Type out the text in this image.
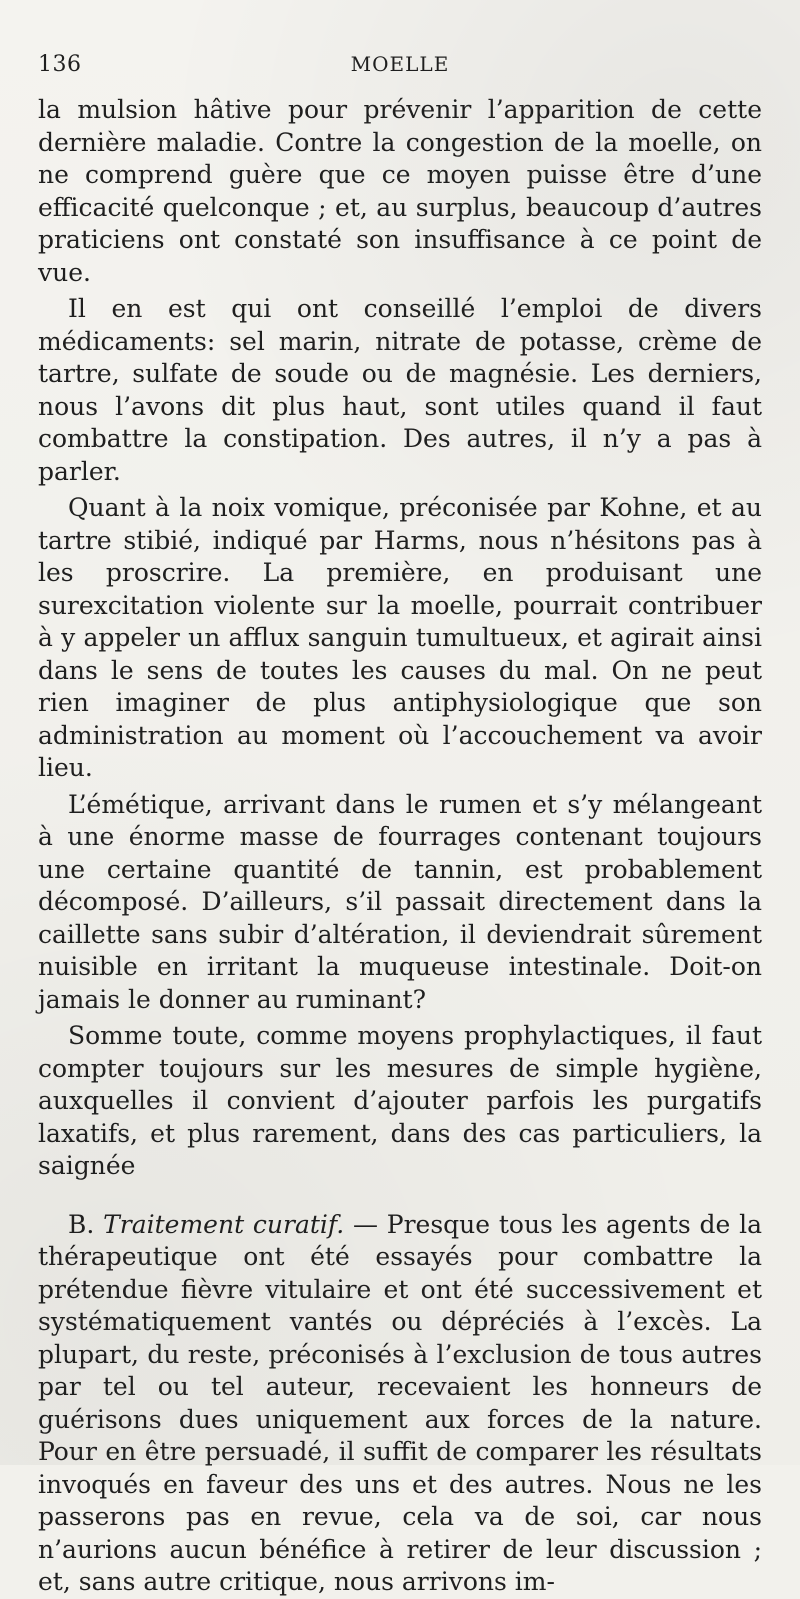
136	MOELLE

la mulsion hâtive pour prévenir l’apparition de cette dernière maladie. Contre la congestion de la moelle, on ne comprend guère que ce moyen puisse être d’une efficacité quelconque ; et, au surplus, beaucoup d’autres praticiens ont constaté son insuffisance à ce point de vue.

Il en est qui ont conseillé l’emploi de divers médicaments: sel marin, nitrate de potasse, crème de tartre, sulfate de soude ou de magnésie. Les derniers, nous l’avons dit plus haut, sont utiles quand il faut combattre la constipation. Des autres, il n’y a pas à parler.

Quant à la noix vomique, préconisée par Kohne, et au tartre stibié, indiqué par Harms, nous n’hésitons pas à les proscrire. La première, en produisant une surexcitation violente sur la moelle, pourrait contribuer à y appeler un afflux sanguin tumultueux, et agirait ainsi dans le sens de toutes les causes du mal. On ne peut rien imaginer de plus antiphysiologique que son administration au moment où l’accouchement va avoir lieu.

L’émétique, arrivant dans le rumen et s’y mélangeant à une énorme masse de fourrages contenant toujours une certaine quantité de tannin, est probablement décomposé. D’ailleurs, s’il passait directement dans la caillette sans subir d’altération, il deviendrait sûrement nuisible en irritant la muqueuse intestinale. Doit-on jamais le donner au ruminant?

Somme toute, comme moyens prophylactiques, il faut compter toujours sur les mesures de simple hygiène, auxquelles il convient d’ajouter parfois les purgatifs laxatifs, et plus rarement, dans des cas particuliers, la saignée

B. Traitement curatif. — Presque tous les agents de la thérapeutique ont été essayés pour combattre la prétendue fièvre vitulaire et ont été successivement et systématiquement vantés ou dépréciés à l’excès. La plupart, du reste, préconisés à l’exclusion de tous autres par tel ou tel auteur, recevaient les honneurs de guérisons dues uniquement aux forces de la nature. Pour en être persuadé, il suffit de comparer les résultats invoqués en faveur des uns et des autres. Nous ne les passerons pas en revue, cela va de soi, car nous n’aurions aucun bénéfice à retirer de leur discussion ; et, sans autre critique, nous arrivons im-
